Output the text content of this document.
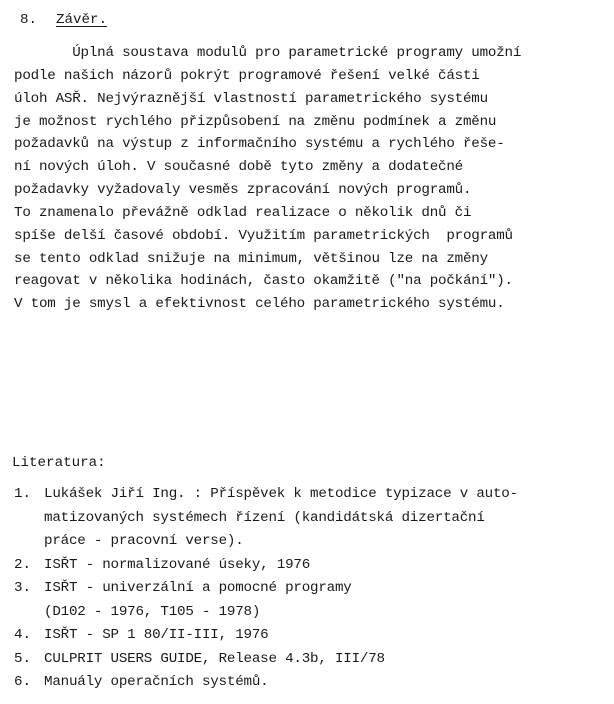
8. Závěr.
Úplná soustava modulů pro parametrické programy umožní
podle našich názorů pokrýt programové řešení velké části
úloh ASŘ. Nejvýraznější vlastností parametrického systému
je možnost rychlého přizpůsobení na změnu podmínek a změnu
požadavků na výstup z informačního systému a rychlého řeše-
ní nových úloh. V současné době tyto změny a dodatečné
požadavky vyžadovaly vesměs zpracování nových programů.
To znamenalo převážně odklad realizace o několik dnů či
spíše delší časové období. Využitím parametrických  programů
se tento odklad snižuje na minimum, většinou lze na změny
reagovat v několika hodinách, často okamžitě ("na počkání").
V tom je smysl a efektivnost celého parametrického systému.
Literatura:
1. Lukášek Jiří Ing. : Příspěvek k metodice typizace v auto-
matizovaných systémech řízení (kandidátská dizertační
práce - pracovní verse).
2. ISŘT - normalizované úseky, 1976
3. ISŘT - univerzální a pomocné programy
(D102 - 1976, T105 - 1978)
4. ISŘT - SP 1 80/II-III, 1976
5. CULPRIT USERS GUIDE, Release 4.3b, III/78
6. Manuály operačních systémů.
